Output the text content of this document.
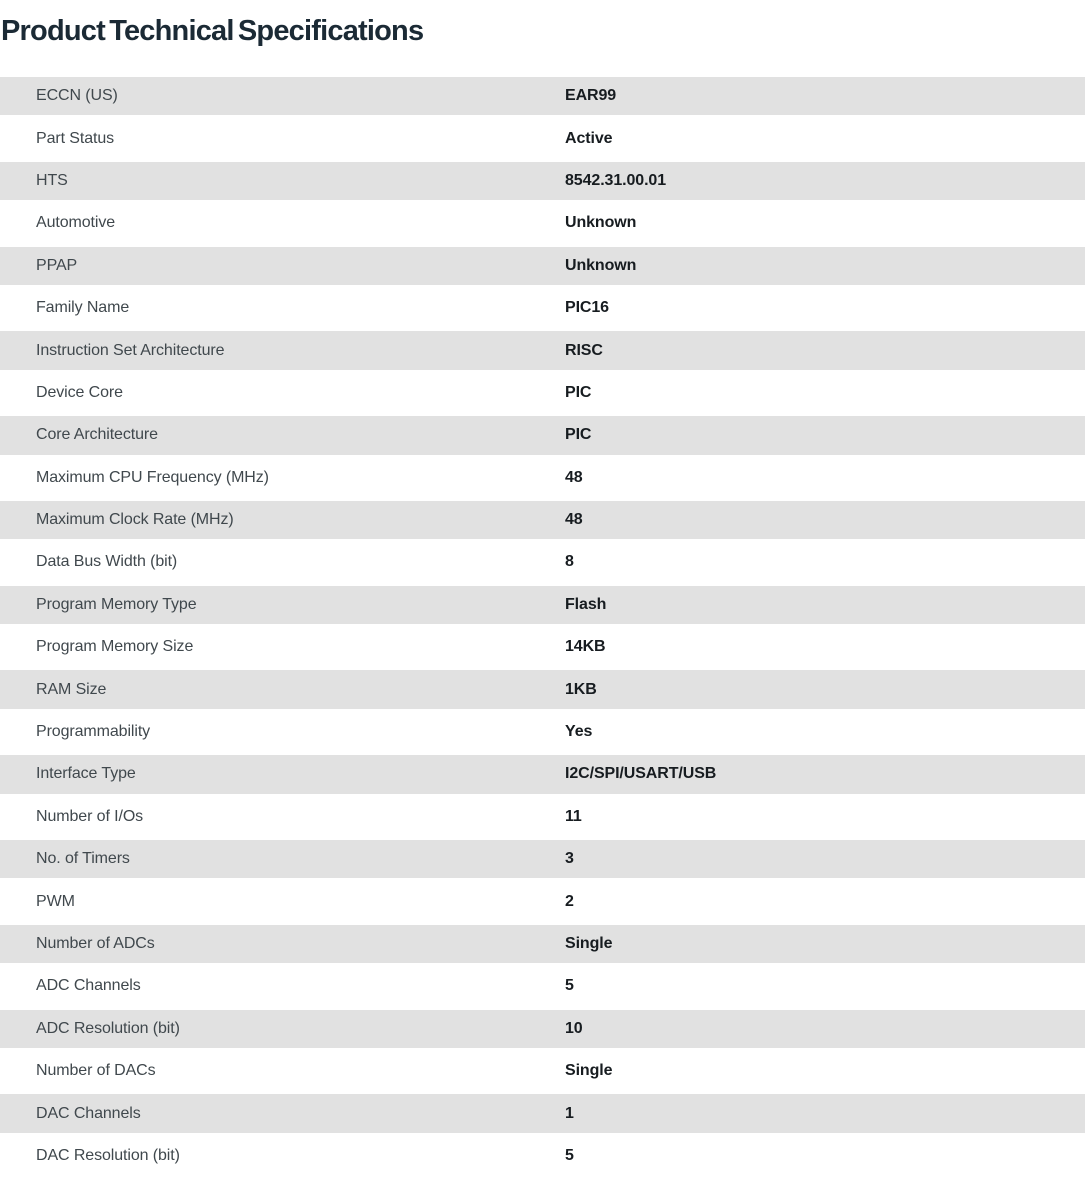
Product Technical Specifications
ECCN (US)	EAR99
Part Status	Active
HTS	8542.31.00.01
Automotive	Unknown
PPAP	Unknown
Family Name	PIC16
Instruction Set Architecture	RISC
Device Core	PIC
Core Architecture	PIC
Maximum CPU Frequency (MHz)	48
Maximum Clock Rate (MHz)	48
Data Bus Width (bit)	8
Program Memory Type	Flash
Program Memory Size	14KB
RAM Size	1KB
Programmability	Yes
Interface Type	I2C/SPI/USART/USB
Number of I/Os	11
No. of Timers	3
PWM	2
Number of ADCs	Single
ADC Channels	5
ADC Resolution (bit)	10
Number of DACs	Single
DAC Channels	1
DAC Resolution (bit)	5
